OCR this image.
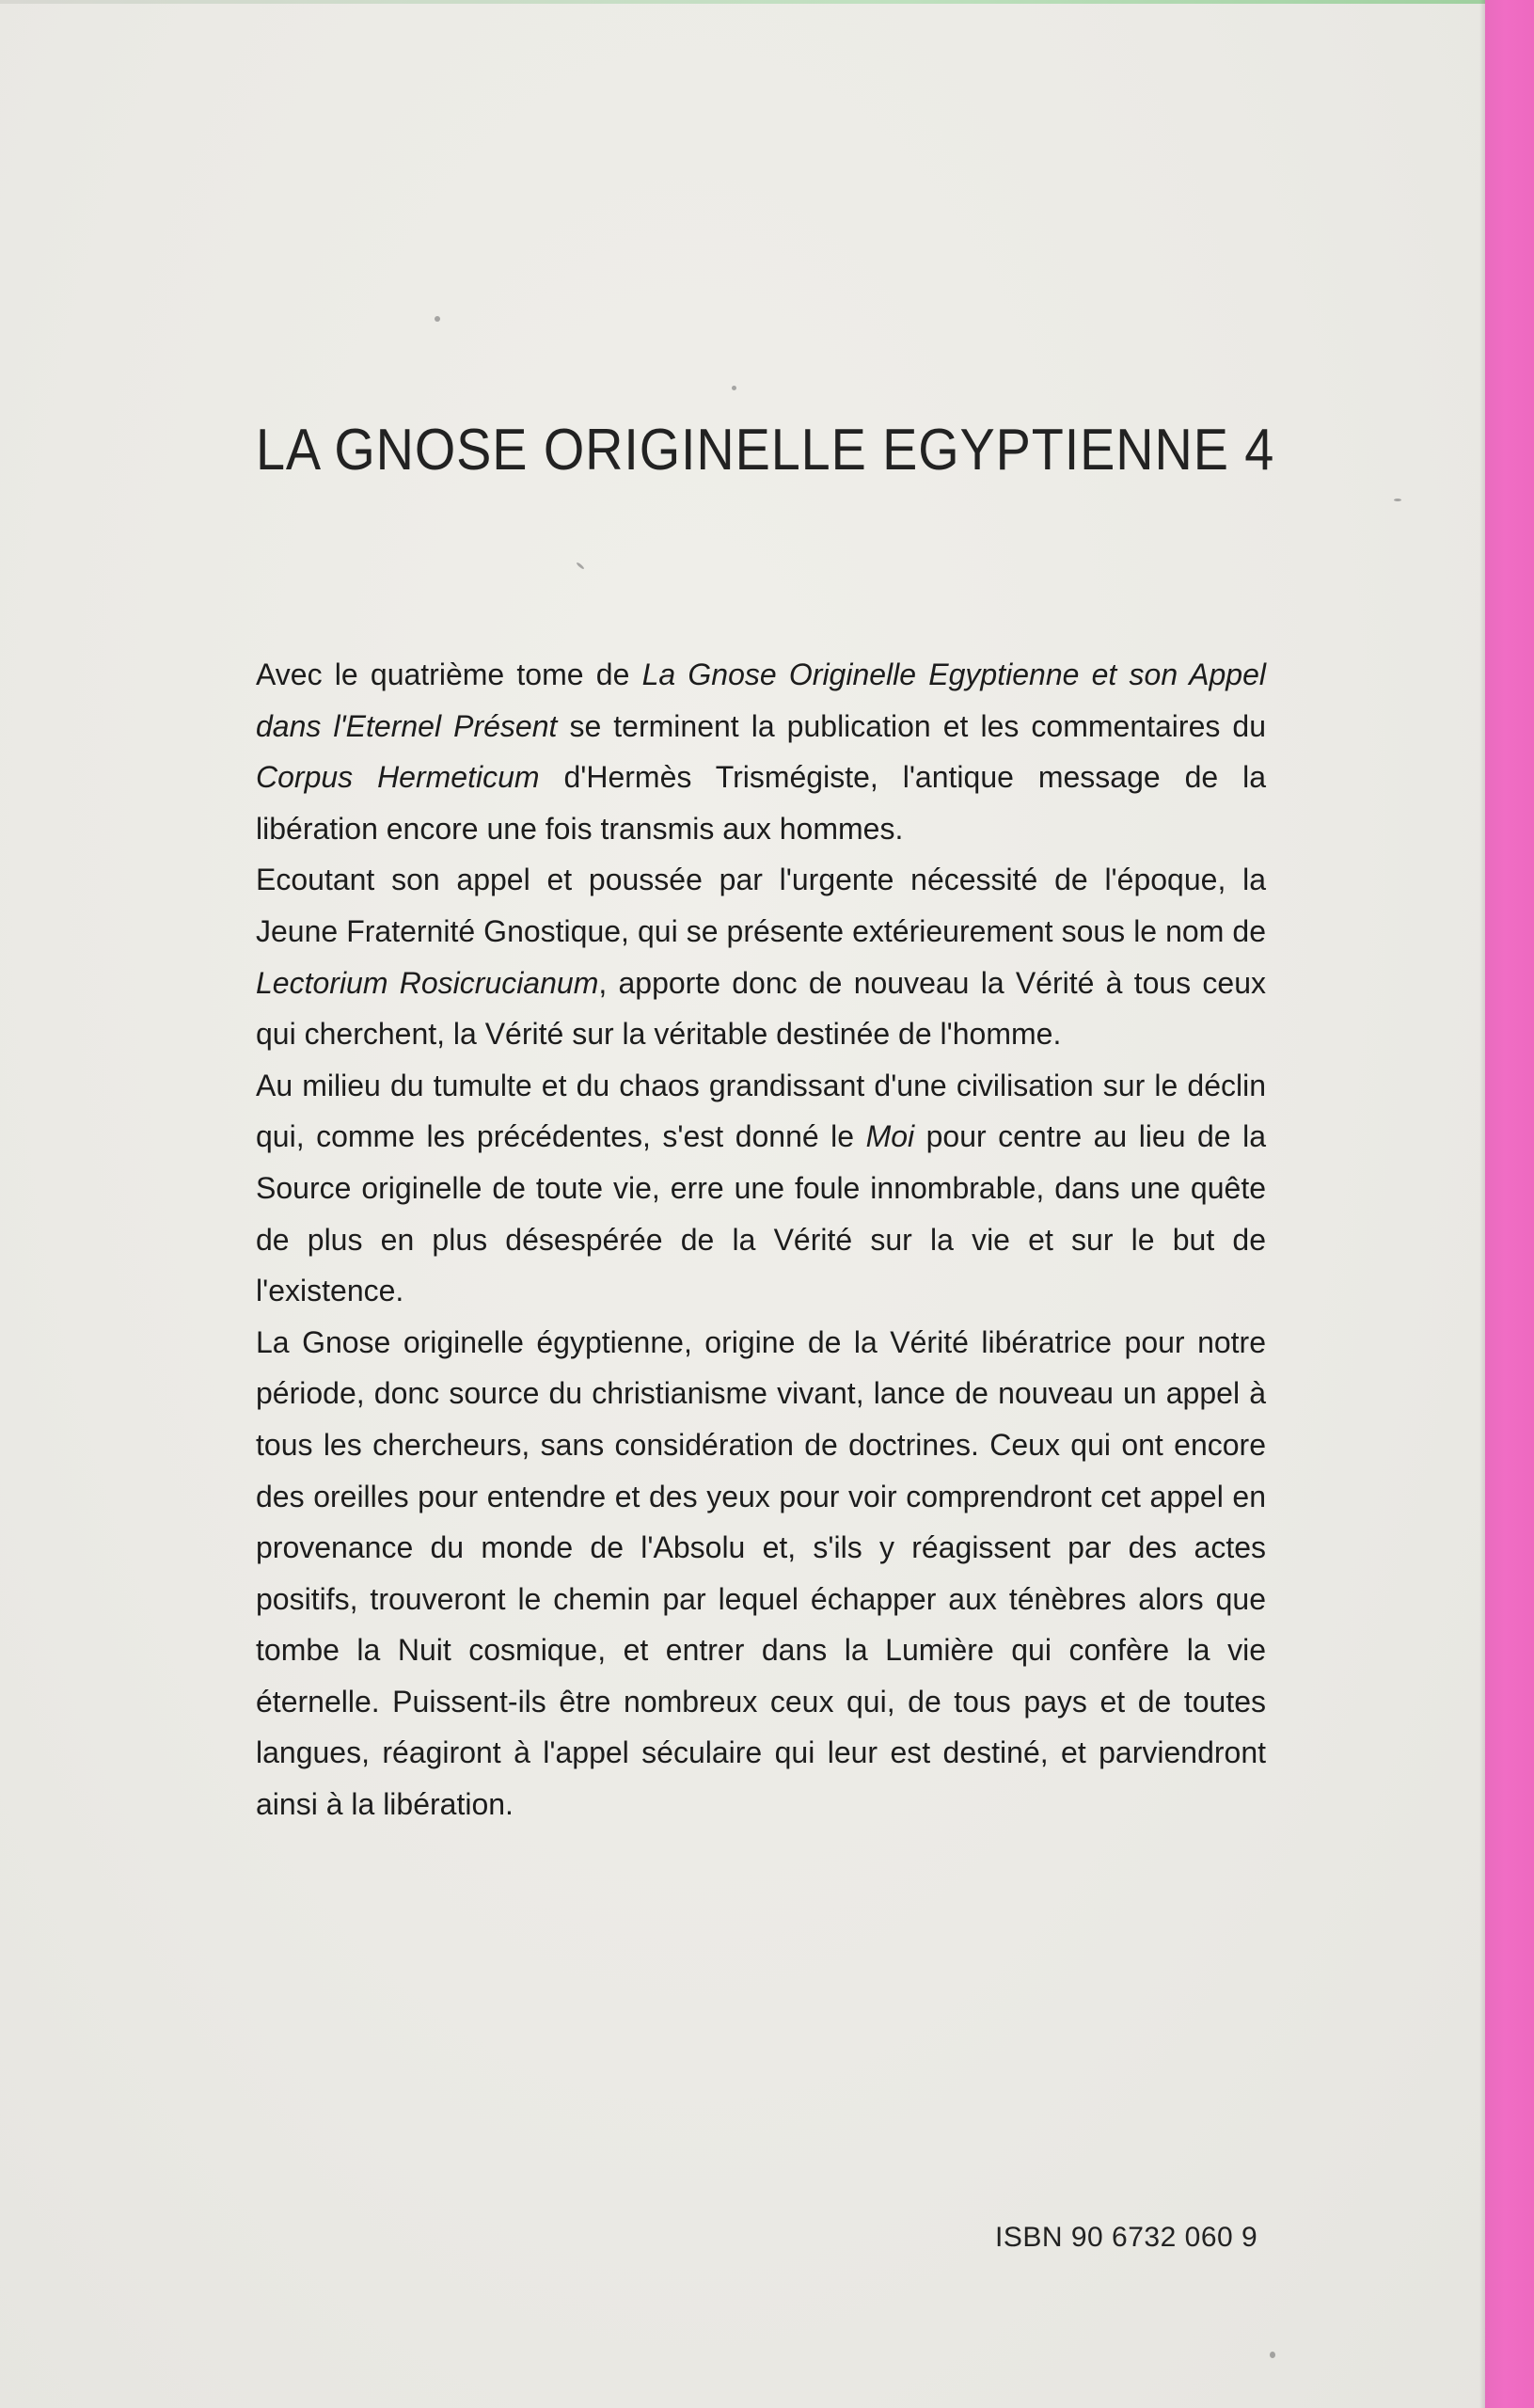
LA GNOSE ORIGINELLE EGYPTIENNE 4

Avec le quatrième tome de La Gnose Originelle Egyptienne et son Appel dans l'Eternel Présent se terminent la publication et les commentaires du Corpus Hermeticum d'Hermès Trismégiste, l'antique message de la libération encore une fois transmis aux hommes.

Ecoutant son appel et poussée par l'urgente nécessité de l'époque, la Jeune Fraternité Gnostique, qui se présente extérieurement sous le nom de Lectorium Rosicrucianum, apporte donc de nouveau la Vérité à tous ceux qui cherchent, la Vérité sur la véritable destinée de l'homme.

Au milieu du tumulte et du chaos grandissant d'une civilisation sur le déclin qui, comme les précédentes, s'est donné le Moi pour centre au lieu de la Source originelle de toute vie, erre une foule innombrable, dans une quête de plus en plus désespérée de la Vérité sur la vie et sur le but de l'existence.

La Gnose originelle égyptienne, origine de la Vérité libératrice pour notre période, donc source du christianisme vivant, lance de nouveau un appel à tous les chercheurs, sans considération de doctrines. Ceux qui ont encore des oreilles pour entendre et des yeux pour voir comprendront cet appel en provenance du monde de l'Absolu et, s'ils y réagissent par des actes positifs, trouveront le chemin par lequel échapper aux ténèbres alors que tombe la Nuit cosmique, et entrer dans la Lumière qui confère la vie éternelle. Puissent-ils être nombreux ceux qui, de tous pays et de toutes langues, réagiront à l'appel séculaire qui leur est destiné, et parviendront ainsi à la libération.

ISBN 90 6732 060 9
